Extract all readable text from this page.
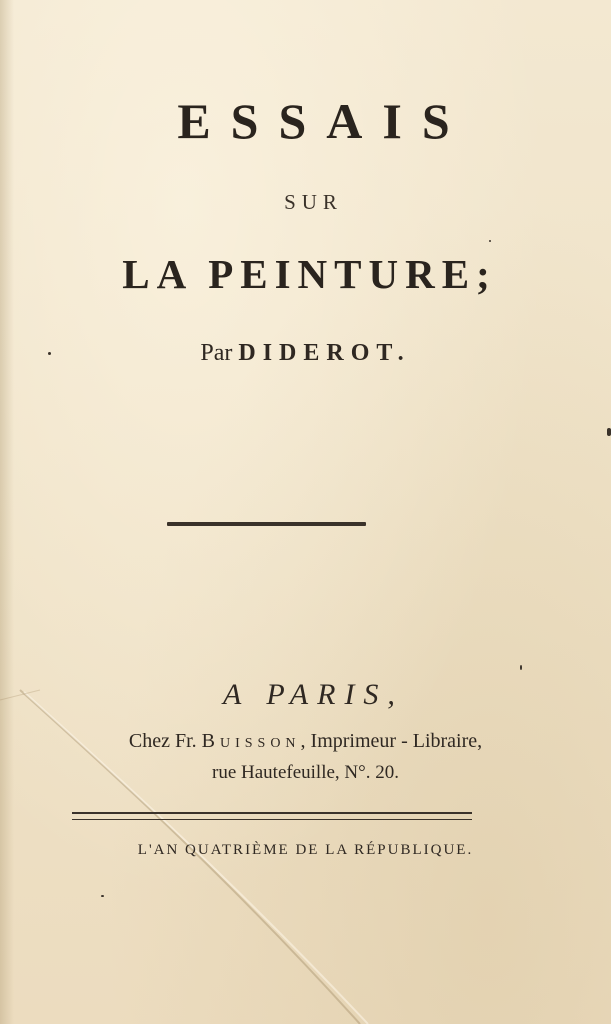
ESSAIS
SUR
LA PEINTURE;
Par DIDEROT.
A PARIS,
Chez Fr. Buisson, Imprimeur - Libraire,
rue Hautefeuille, N°. 20.
L'AN QUATRIÈME DE LA RÉPUBLIQUE.
